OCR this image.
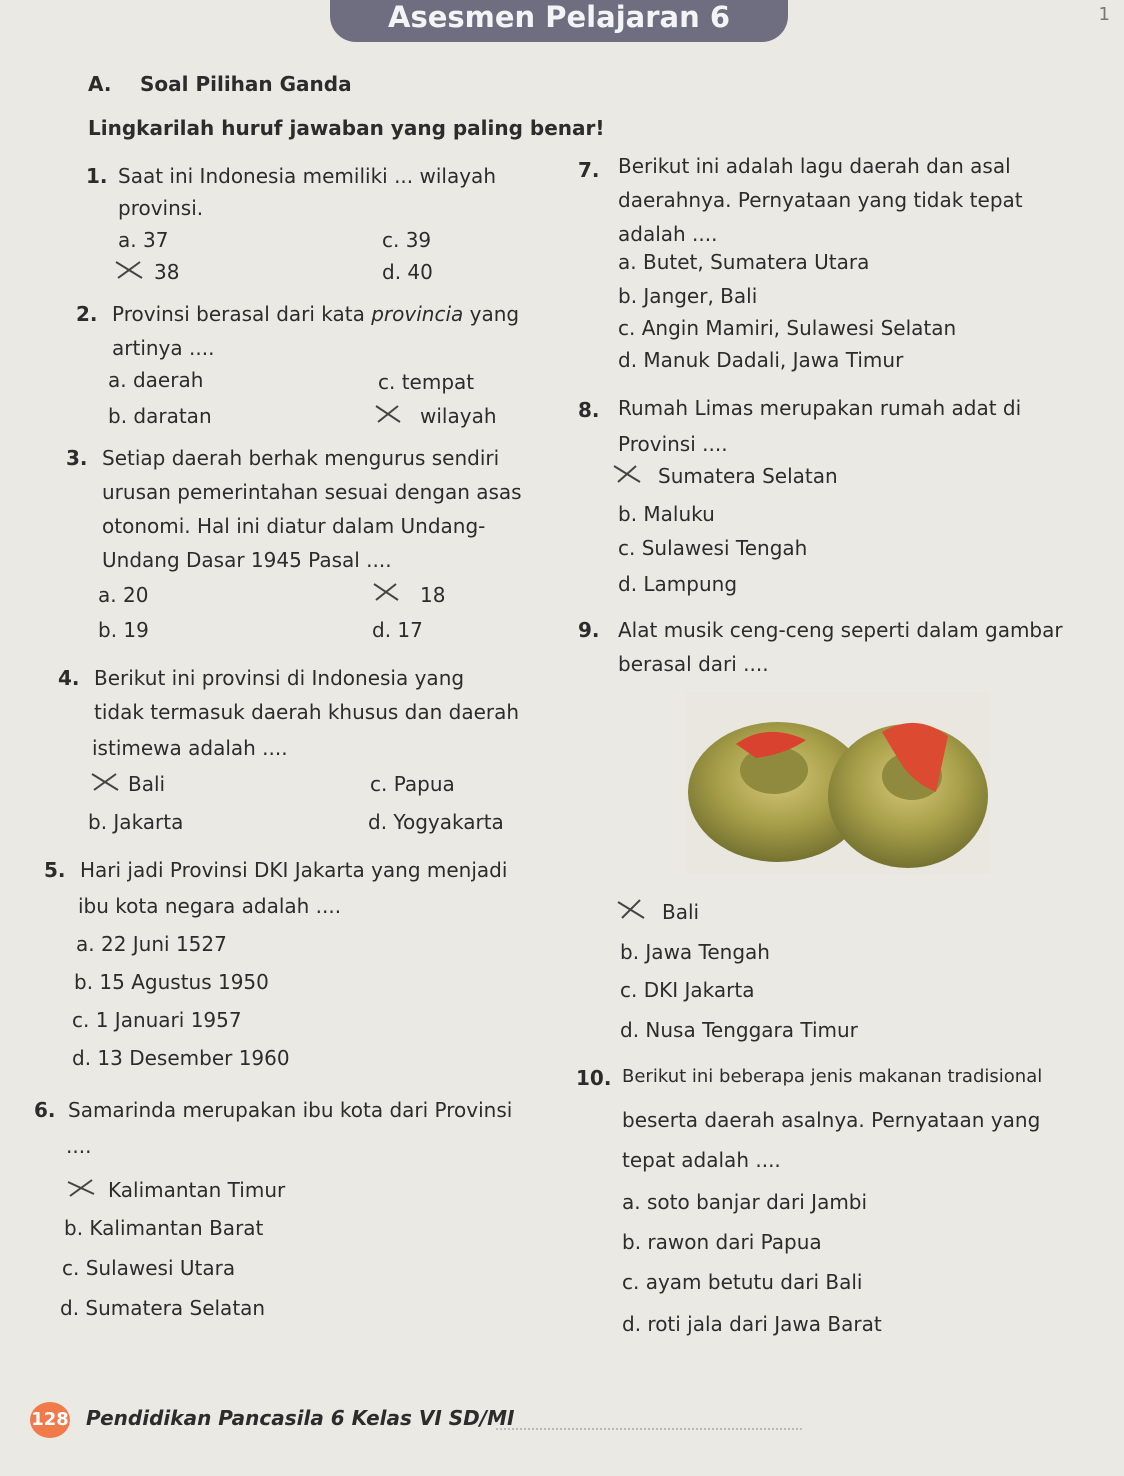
Asesmen Pelajaran 6	1
A. Soal Pilihan Ganda
Lingkarilah huruf jawaban yang paling benar!
1. Saat ini Indonesia memiliki ... wilayah
provinsi.
a. 37
38
c. 39
d. 40
2. Provinsi berasal dari kata provincia yang
artinya ....
a. daerah
b. daratan
c. tempat
wilayah
3. Setiap daerah berhak mengurus sendiri
urusan pemerintahan sesuai dengan asas
otonomi. Hal ini diatur dalam Undang-
Undang Dasar 1945 Pasal ....
a. 20
b. 19
18
d. 17
4. Berikut ini provinsi di Indonesia yang
tidak termasuk daerah khusus dan daerah
istimewa adalah ....
Bali
b. Jakarta
c. Papua
d. Yogyakarta
5. Hari jadi Provinsi DKI Jakarta yang menjadi
ibu kota negara adalah ....
a. 22 Juni 1527
b. 15 Agustus 1950
c. 1 Januari 1957
d. 13 Desember 1960
6. Samarinda merupakan ibu kota dari Provinsi
....
Kalimantan Timur
b. Kalimantan Barat
c. Sulawesi Utara
d. Sumatera Selatan
7. Berikut ini adalah lagu daerah dan asal
daerahnya. Pernyataan yang tidak tepat
adalah ....
a. Butet, Sumatera Utara
b. Janger, Bali
c. Angin Mamiri, Sulawesi Selatan
d. Manuk Dadali, Jawa Timur
8. Rumah Limas merupakan rumah adat di
Provinsi ....
Sumatera Selatan
b. Maluku
c. Sulawesi Tengah
d. Lampung
9. Alat musik ceng-ceng seperti dalam gambar
berasal dari ....
Bali
b. Jawa Tengah
c. DKI Jakarta
d. Nusa Tenggara Timur
10. Berikut ini beberapa jenis makanan tradisional
beserta daerah asalnya. Pernyataan yang
tepat adalah ....
a. soto banjar dari Jambi
b. rawon dari Papua
c. ayam betutu dari Bali
d. roti jala dari Jawa Barat
128 Pendidikan Pancasila 6 Kelas VI SD/MI
